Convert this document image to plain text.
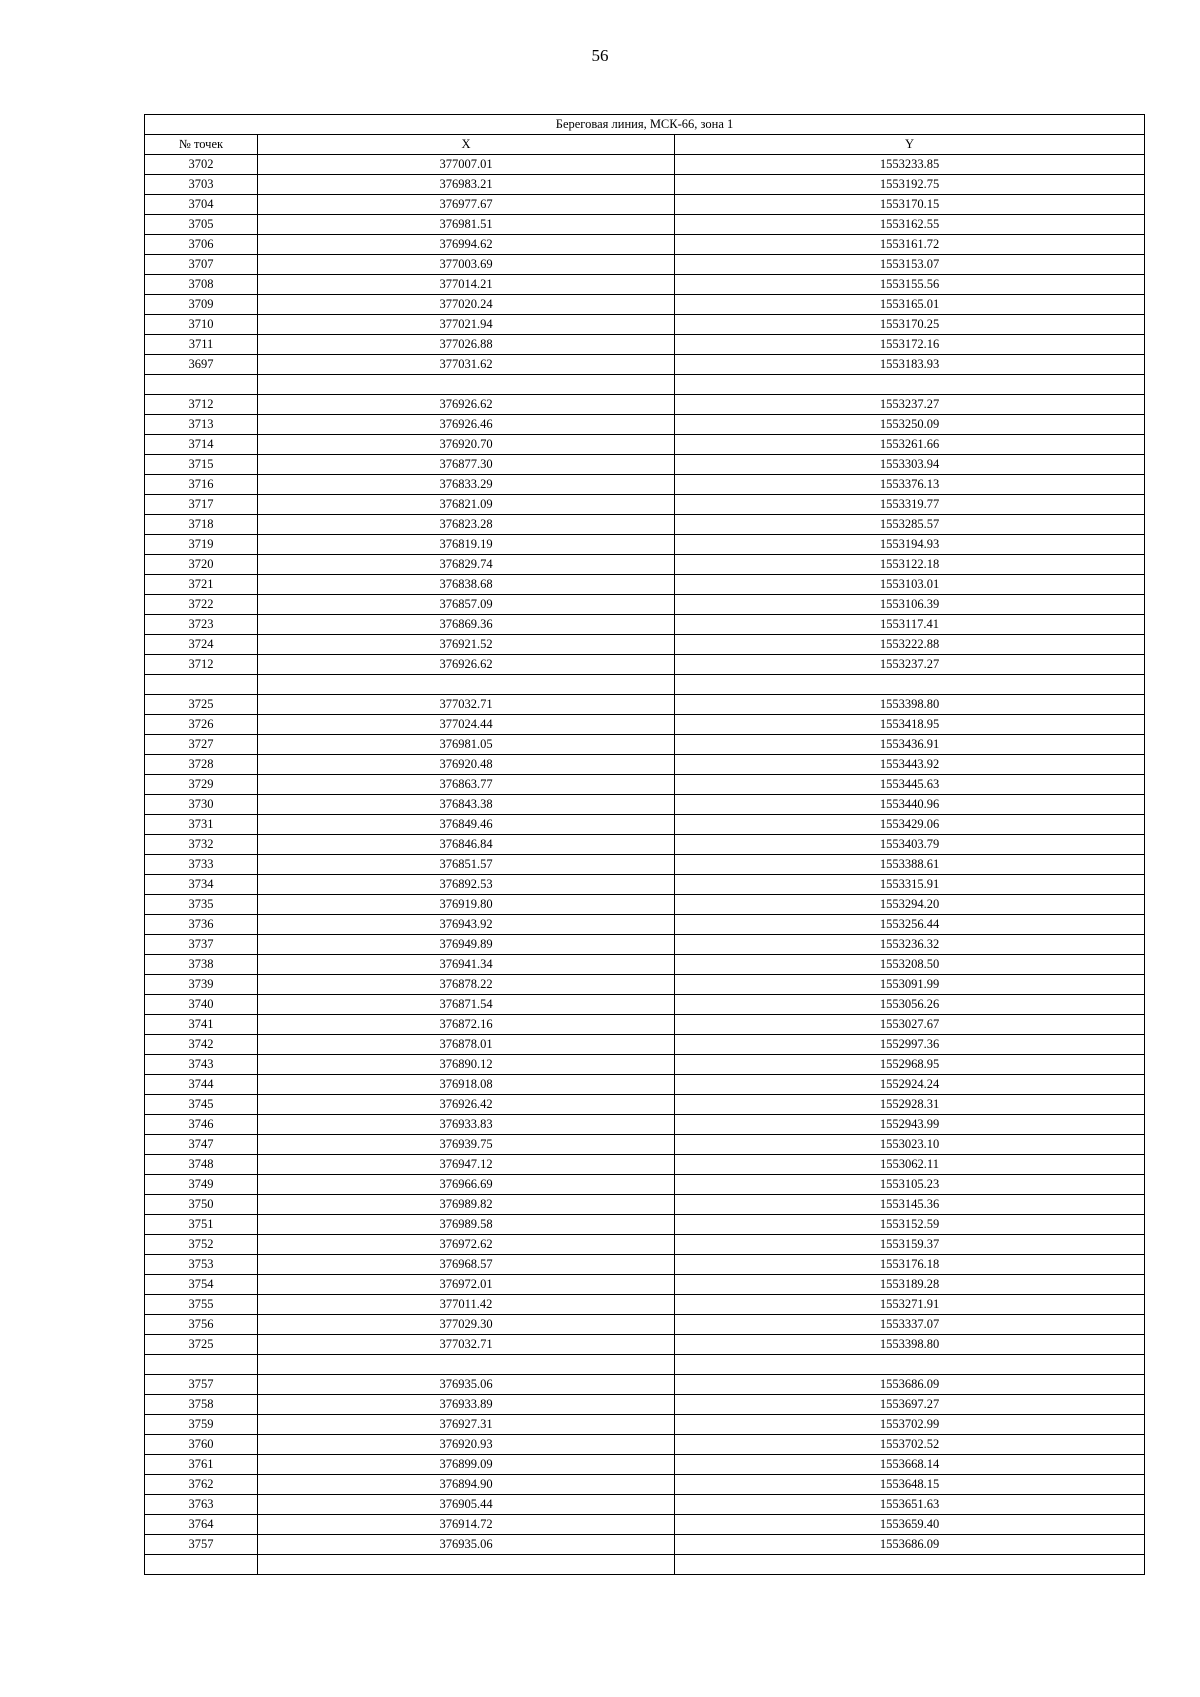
56
Береговая линия, МСК-66, зона 1		
№ точек	X	Y
3702	377007.01	1553233.85
3703	376983.21	1553192.75
3704	376977.67	1553170.15
3705	376981.51	1553162.55
3706	376994.62	1553161.72
3707	377003.69	1553153.07
3708	377014.21	1553155.56
3709	377020.24	1553165.01
3710	377021.94	1553170.25
3711	377026.88	1553172.16
3697	377031.62	1553183.93

3712	376926.62	1553237.27
3713	376926.46	1553250.09
3714	376920.70	1553261.66
3715	376877.30	1553303.94
3716	376833.29	1553376.13
3717	376821.09	1553319.77
3718	376823.28	1553285.57
3719	376819.19	1553194.93
3720	376829.74	1553122.18
3721	376838.68	1553103.01
3722	376857.09	1553106.39
3723	376869.36	1553117.41
3724	376921.52	1553222.88
3712	376926.62	1553237.27

3725	377032.71	1553398.80
3726	377024.44	1553418.95
3727	376981.05	1553436.91
3728	376920.48	1553443.92
3729	376863.77	1553445.63
3730	376843.38	1553440.96
3731	376849.46	1553429.06
3732	376846.84	1553403.79
3733	376851.57	1553388.61
3734	376892.53	1553315.91
3735	376919.80	1553294.20
3736	376943.92	1553256.44
3737	376949.89	1553236.32
3738	376941.34	1553208.50
3739	376878.22	1553091.99
3740	376871.54	1553056.26
3741	376872.16	1553027.67
3742	376878.01	1552997.36
3743	376890.12	1552968.95
3744	376918.08	1552924.24
3745	376926.42	1552928.31
3746	376933.83	1552943.99
3747	376939.75	1553023.10
3748	376947.12	1553062.11
3749	376966.69	1553105.23
3750	376989.82	1553145.36
3751	376989.58	1553152.59
3752	376972.62	1553159.37
3753	376968.57	1553176.18
3754	376972.01	1553189.28
3755	377011.42	1553271.91
3756	377029.30	1553337.07
3725	377032.71	1553398.80

3757	376935.06	1553686.09
3758	376933.89	1553697.27
3759	376927.31	1553702.99
3760	376920.93	1553702.52
3761	376899.09	1553668.14
3762	376894.90	1553648.15
3763	376905.44	1553651.63
3764	376914.72	1553659.40
3757	376935.06	1553686.09
